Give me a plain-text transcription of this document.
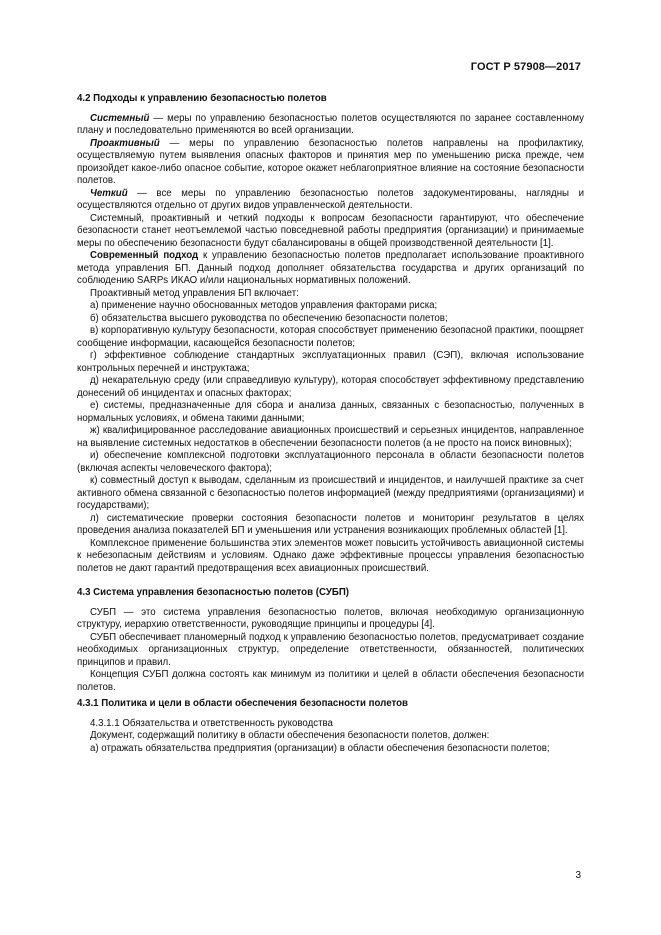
ГОСТ Р 57908—2017
4.2 Подходы к управлению безопасностью полетов

Системный — меры по управлению безопасностью полетов осуществляются по заранее составленному плану и последовательно применяются во всей организации.

Проактивный — меры по управлению безопасностью полетов направлены на профилактику, осуществляемую путем выявления опасных факторов и принятия мер по уменьшению риска прежде, чем произойдет какое-либо опасное событие, которое окажет неблагоприятное влияние на состояние безопасности полетов.

Четкий — все меры по управлению безопасностью полетов задокументированы, наглядны и осуществляются отдельно от других видов управленческой деятельности.

Системный, проактивный и четкий подходы к вопросам безопасности гарантируют, что обеспечение безопасности станет неотъемлемой частью повседневной работы предприятия (организации) и принимаемые меры по обеспечению безопасности будут сбалансированы в общей производственной деятельности [1].

Современный подход к управлению безопасностью полетов предполагает использование проактивного метода управления БП. Данный подход дополняет обязательства государства и других организаций по соблюдению SARPs ИКАО и/или национальных нормативных положений.

Проактивный метод управления БП включает:

а) применение научно обоснованных методов управления факторами риска;

б) обязательства высшего руководства по обеспечению безопасности полетов;

в) корпоративную культуру безопасности, которая способствует применению безопасной практики, поощряет сообщение информации, касающейся безопасности полетов;

г) эффективное соблюдение стандартных эксплуатационных правил (СЭП), включая использование контрольных перечней и инструктажа;

д) некарательную среду (или справедливую культуру), которая способствует эффективному представлению донесений об инцидентах и опасных факторах;

е) системы, предназначенные для сбора и анализа данных, связанных с безопасностью, полученных в нормальных условиях, и обмена такими данными;

ж) квалифицированное расследование авиационных происшествий и серьезных инцидентов, направленное на выявление системных недостатков в обеспечении безопасности полетов (а не просто на поиск виновных);

и) обеспечение комплексной подготовки эксплуатационного персонала в области безопасности полетов (включая аспекты человеческого фактора);

к) совместный доступ к выводам, сделанным из происшествий и инцидентов, и наилучшей практике за счет активного обмена связанной с безопасностью полетов информацией (между предприятиями (организациями) и государствами);

л) систематические проверки состояния безопасности полетов и мониторинг результатов в целях проведения анализа показателей БП и уменьшения или устранения возникающих проблемных областей [1].

Комплексное применение большинства этих элементов может повысить устойчивость авиационной системы к небезопасным действиям и условиям. Однако даже эффективные процессы управления безопасностью полетов не дают гарантий предотвращения всех авиационных происшествий.

4.3 Система управления безопасностью полетов (СУБП)

СУБП — это система управления безопасностью полетов, включая необходимую организационную структуру, иерархию ответственности, руководящие принципы и процедуры [4].

СУБП обеспечивает планомерный подход к управлению безопасностью полетов, предусматривает создание необходимых организационных структур, определение ответственности, обязанностей, политических принципов и правил.

Концепция СУБП должна состоять как минимум из политики и целей в области обеспечения безопасности полетов.

4.3.1 Политика и цели в области обеспечения безопасности полетов

4.3.1.1 Обязательства и ответственность руководства

Документ, содержащий политику в области обеспечения безопасности полетов, должен:

а) отражать обязательства предприятия (организации) в области обеспечения безопасности полетов;

3
